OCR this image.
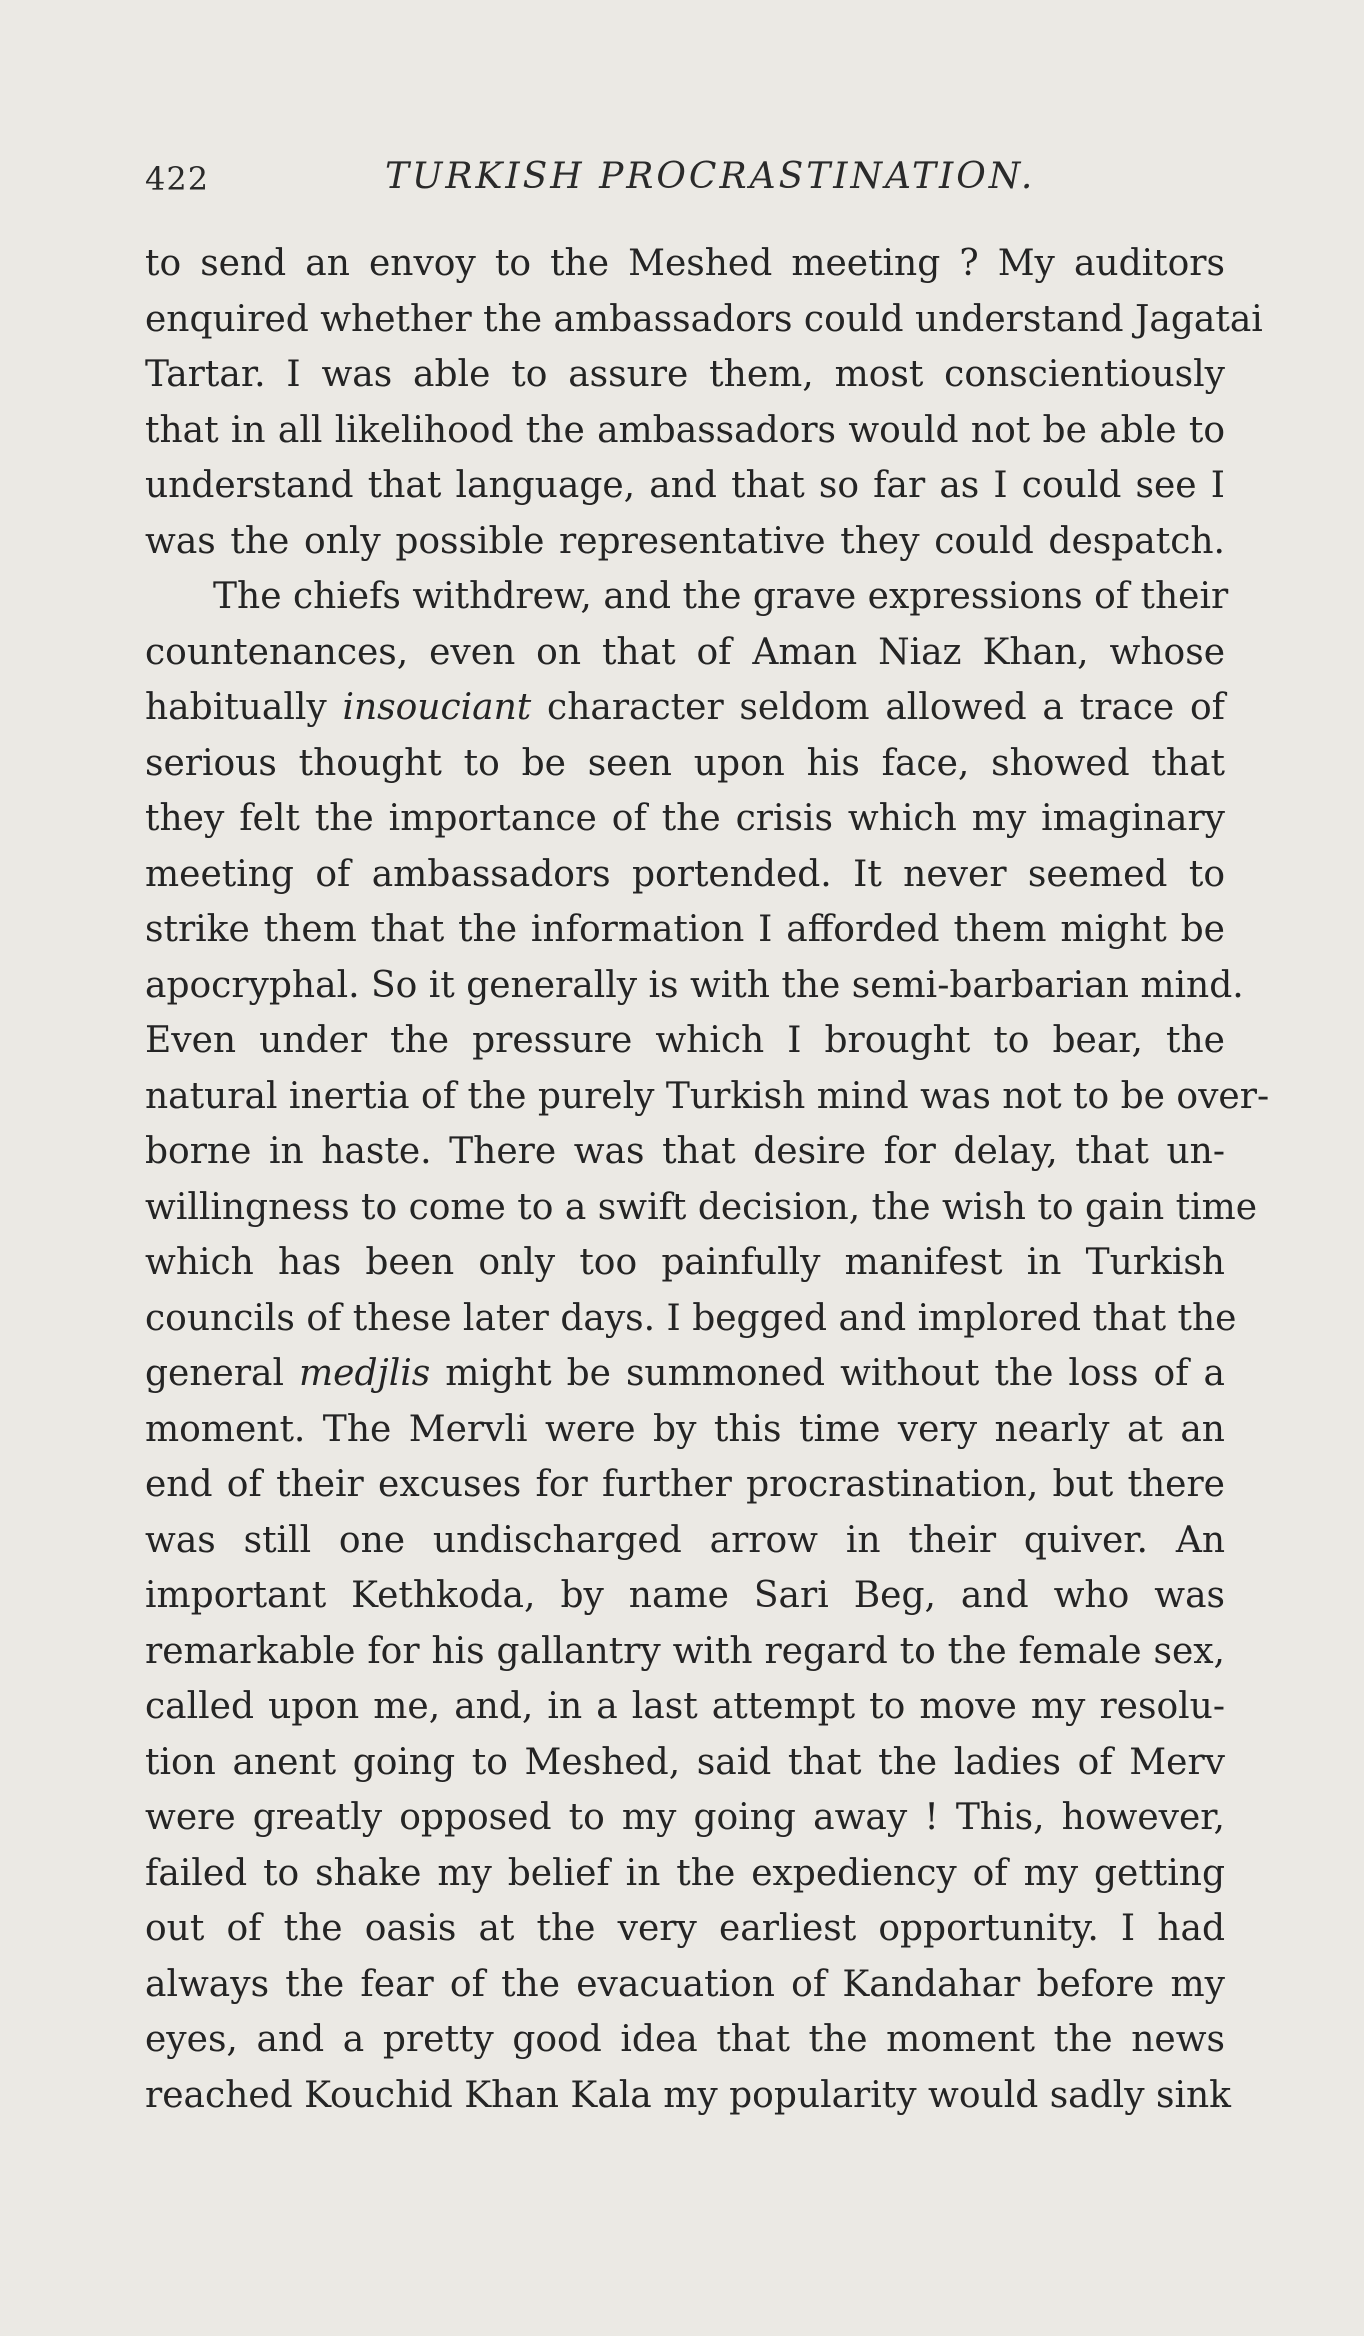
422	TURKISH PROCRASTINATION.
to send an envoy to the Meshed meeting ? My auditors
enquired whether the ambassadors could understand Jagatai
Tartar. I was able to assure them, most conscientiously
that in all likelihood the ambassadors would not be able to
understand that language, and that so far as I could see I
was the only possible representative they could despatch.
The chiefs withdrew, and the grave expressions of their
countenances, even on that of Aman Niaz Khan, whose
habitually insouciant character seldom allowed a trace of
serious thought to be seen upon his face, showed that
they felt the importance of the crisis which my imaginary
meeting of ambassadors portended. It never seemed to
strike them that the information I afforded them might be
apocryphal. So it generally is with the semi-barbarian mind.
Even under the pressure which I brought to bear, the
natural inertia of the purely Turkish mind was not to be over-
borne in haste. There was that desire for delay, that un-
willingness to come to a swift decision, the wish to gain time
which has been only too painfully manifest in Turkish
councils of these later days. I begged and implored that the
general medjlis might be summoned without the loss of a
moment. The Mervli were by this time very nearly at an
end of their excuses for further procrastination, but there
was still one undischarged arrow in their quiver. An
important Kethkoda, by name Sari Beg, and who was
remarkable for his gallantry with regard to the female sex,
called upon me, and, in a last attempt to move my resolu-
tion anent going to Meshed, said that the ladies of Merv
were greatly opposed to my going away ! This, however,
failed to shake my belief in the expediency of my getting
out of the oasis at the very earliest opportunity. I had
always the fear of the evacuation of Kandahar before my
eyes, and a pretty good idea that the moment the news
reached Kouchid Khan Kala my popularity would sadly sink
